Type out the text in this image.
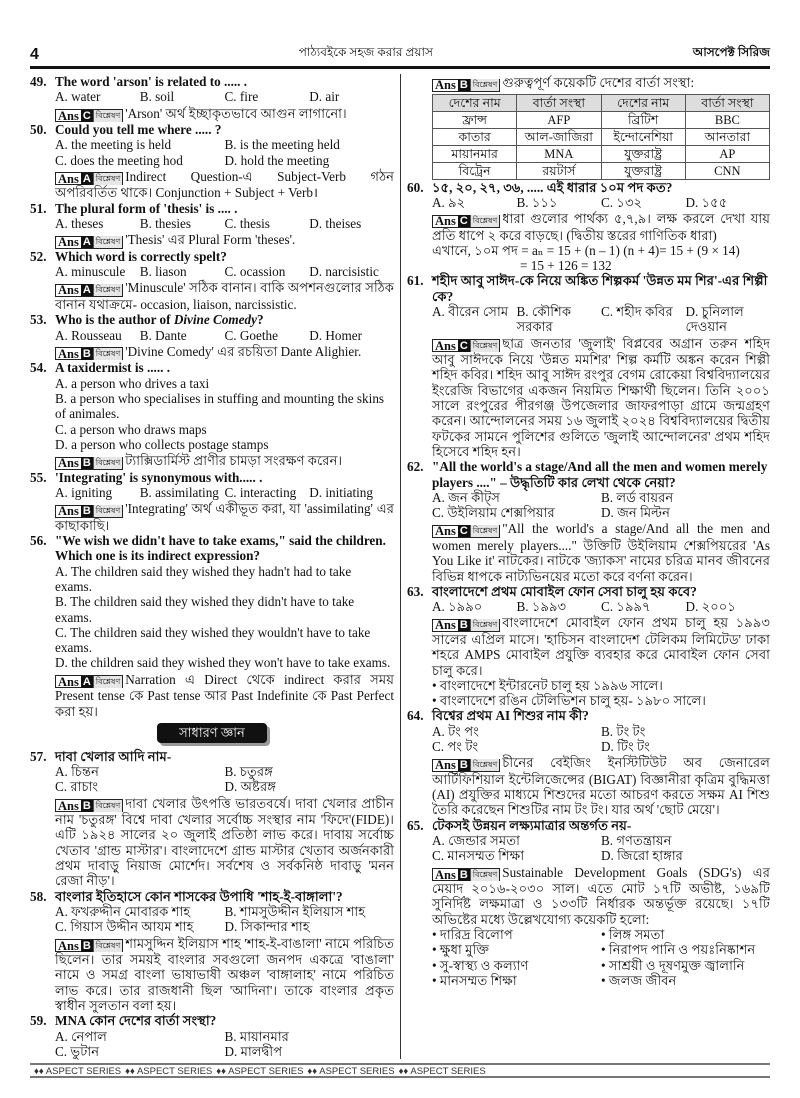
4	পাঠ্যবইকে সহজ করার প্রয়াস	আসপেক্ট সিরিজ
49. The word 'arson' is related to ..... .
A. water	B. soil	C. fire	D. air
Ans C বিশ্লেষণ 'Arson' অর্থ ইচ্ছাকৃতভাবে আগুন লাগানো।
50. Could you tell me where ..... ?
A. the meeting is held	B. is the meeting held
C. does the meeting hod	D. hold the meeting
Ans A বিশ্লেষণ Indirect Question-এ Subject-Verb গঠন অপরিবর্তিত থাকে। Conjunction + Subject + Verb।
51. The plural form of 'thesis' is .... .
A. theses	B. thesies	C. thesis	D. theises
Ans A বিশ্লেষণ 'Thesis' এর Plural Form 'theses'.
52. Which word is correctly spelt?
A. minuscule	B. liason	C. ocassion	D. narcisistic
Ans A বিশ্লেষণ 'Minuscule' সঠিক বানান। বাকি অপশনগুলোর সঠিক বানান যথাক্রমে- occasion, liaison, narcissistic.
53. Who is the author of Divine Comedy?
A. Rousseau	B. Dante	C. Goethe	D. Homer
Ans B বিশ্লেষণ 'Divine Comedy' এর রচয়িতা Dante Alighier.
54. A taxidermist is ..... .
A. a person who drives a taxi
B. a person who specialises in stuffing and mounting the skins of animales.
C. a person who draws maps
D. a person who collects postage stamps
Ans B বিশ্লেষণ ট্যাক্সিডার্মিস্ট প্রাণীর চামড়া সংরক্ষণ করেন।
55. 'Integrating' is synonymous with..... .
A. igniting	B. assimilating C. interacting D. initiating
Ans B বিশ্লেষণ 'Integrating' অর্থ একীভূত করা, যা 'assimilating' এর কাছাকাছি।
56. "We wish we didn't have to take exams," said the children. Which one is its indirect expression?
A. The children said they wished they hadn't had to take exams.
B. The children said they wished they didn't have to take exams.
C. The children said they wished they wouldn't have to take exams.
D. the children said they wished they won't have to take exams.
Ans A বিশ্লেষণ Narration এ Direct থেকে indirect করার সময় Present tense কে Past tense আর Past Indefinite কে Past Perfect করা হয়।
সাধারণ জ্ঞান
57. দাবা খেলার আদি নাম-
A. চিন্তন	B. চতুরঙ্গ
C. রাচাং	D. অষ্টরঙ্গ
Ans B বিশ্লেষণ দাবা খেলার উৎপত্তি ভারতবর্ষে। দাবা খেলার প্রাচীন নাম 'চতুরঙ্গ' বিশ্বে দাবা খেলার সর্বোচ্চ সংস্থার নাম 'ফিদে'(FIDE)। এটি ১৯২৪ সালের ২০ জুলাই প্রতিষ্ঠা লাভ করে। দাবায় সর্বোচ্চ খেতাব 'গ্রান্ড মাস্টার'। বাংলাদেশে গ্রান্ড মাস্টার খেতাব অর্জনকারী প্রথম দাবাড়ু নিয়াজ মোর্শেদ। সর্বশেষ ও সর্বকনিষ্ঠ দাবাড়ু 'মনন রেজা নীড়'।
58. বাংলার ইতিহাসে কোন শাসকের উপাধি 'শাহ-ই-বাঙ্গালা'?
A. ফখরুদ্দীন মোবারক শাহ	B. শামসুউদ্দীন ইলিয়াস শাহ
C. গিয়াস উদ্দীন আযম শাহ	D. সিকান্দার শাহ
Ans B বিশ্লেষণ শামসুদ্দিন ইলিয়াস শাহ 'শাহ-ই-বাঙালা' নামে পরিচিত ছিলেন। তার সময়ই বাংলার সবগুলো জনপদ একত্রে 'বাঙালা' নামে ও সমগ্র বাংলা ভাষাভাষী অঞ্চল 'বাঙ্গালাহ' নামে পরিচিত লাভ করে। তার রাজধানী ছিল 'আদিনা'। তাকে বাংলার প্রকৃত স্বাধীন সুলতান বলা হয়।
59. MNA কোন দেশের বার্তা সংস্থা?
A. নেপাল	B. মায়ানমার
C. ভুটান	D. মালদ্বীপ
Ans B বিশ্লেষণ গুরুত্বপূর্ণ কয়েকটি দেশের বার্তা সংস্থা:
দেশের নাম	বার্তা সংস্থা	দেশের নাম	বার্তা সংস্থা
ফ্রান্স	AFP	ব্রিটিশ	BBC
কাতার	আল-জাজিরা	ইন্দোনেশিয়া	আনতারা
মায়ানমার	MNA	যুক্তরাষ্ট্র	AP
বিট্রেন	রয়টার্স	যুক্তরাষ্ট্র	CNN
60. ১৫, ২০, ২৭, ৩৬, ..... এই ধারার ১০ম পদ কত?
A. ৯২	B. ১১১	C. ১৩২	D. ১৫৫
Ans C বিশ্লেষণ ধারা গুলোর পার্থক্য ৫,৭,৯। লক্ষ করলে দেখা যায় প্রতি ধাপে ২ করে বাড়ছে। (দ্বিতীয় স্তরের গাণিতিক ধারা)
এখানে, ১০ম পদ = aₙ = 15 + (n – 1) (n + 4)= 15 + (9 × 14)
= 15 + 126 = 132
61. শহীদ আবু সাঈদ-কে নিয়ে অঙ্কিত শিল্পকর্ম 'উন্নত মম শির'-এর শিল্পী কে?
A. বীরেন সোম B. কৌশিক সরকার
C. শহীদ কবির D. চুনিলাল দেওয়ান
Ans C বিশ্লেষণ ছাত্র জনতার 'জুলাই' বিপ্লবের অগ্রান তরুন শহিদ আবু সাঈদকে নিয়ে 'উন্নত মমশির' শিল্প কর্মটি অঙ্কন করেন শিল্পী শহিদ কবির। শহিদ আবু সাঈদ রংপুর বেগম রোকেয়া বিশ্ববিদ্যালয়ের ইংরেজি বিভাগের একজন নিয়মিত শিক্ষার্থী ছিলেন। তিনি ২০০১ সালে রংপুরের পীরগঞ্জ উপজেলার জাফরপাড়া গ্রামে জন্মগ্রহণ করেন। আন্দোলনের সময় ১৬ জুলাই ২০২৪ বিশ্ববিদ্যালয়ের দ্বিতীয় ফটকের সামনে পুলিশের গুলিতে 'জুলাই আন্দোলনের' প্রথম শহিদ হিসেবে শহিদ হন।
62. "All the world's a stage/And all the men and women merely players ...." – উদ্ধৃতিটি কার লেখা থেকে নেয়া?
A. জন কীট্স	B. লর্ড বায়রন
C. উইলিয়াম শেক্সপিয়ার	D. জন মিল্টন
Ans C বিশ্লেষণ "All the world's a stage/And all the men and women merely players...." উক্তিটি উইলিয়াম শেক্সপিয়রের 'As You Like it' নাটকের। নাটকে 'জ্যাকস' নামের চরিত্র মানব জীবনের বিভিন্ন ধাপকে নাট্যভিনয়ের মতো করে বর্ণনা করেন।
63. বাংলাদেশে প্রথম মোবাইল ফোন সেবা চালু হয় কবে?
A. ১৯৯০	B. ১৯৯৩	C. ১৯৯৭	D. ২০০১
Ans B বিশ্লেষণ বাংলাদেশে মোবাইল ফোন প্রথম চালু হয় ১৯৯৩ সালের এপ্রিল মাসে। 'হাচিসন বাংলাদেশ টেলিকম লিমিটেড' ঢাকা শহরে AMPS মোবাইল প্রযুক্তি ব্যবহার করে মোবাইল ফোন সেবা চালু করে।
• বাংলাদেশে ইন্টারনেট চালু হয় ১৯৯৬ সালে।
• বাংলাদেশে রঙিন টেলিভিশন চালু হয়- ১৯৮০ সালে।
64. বিশ্বের প্রথম AI শিশুর নাম কী?
A. টং পং	B. টং টং
C. পং টং	D. টিং টং
Ans B বিশ্লেষণ চীনের বেইজিং ইনস্টিটিউট অব জেনারেল আর্টিফিশিয়াল ইন্টেলিজেন্সের (BIGAT) বিজ্ঞানীরা কৃত্রিম বুদ্ধিমত্তা (AI) প্রযুক্তির মাধ্যমে শিশুদের মতো আচরণ করতে সক্ষম AI শিশু তৈরি করেছেন শিশুটির নাম টং টং। যার অর্থ 'ছোট মেয়ে'।
65. টেকসই উন্নয়ন লক্ষ্যমাত্রার অন্তর্গত নয়-
A. জেন্ডার সমতা	B. গণতন্ত্রায়ন
C. মানসম্মত শিক্ষা	D. জিরো হাঙ্গার
Ans B বিশ্লেষণ Sustainable Development Goals (SDG's) এর মেয়াদ ২০১৬-২০৩০ সাল। এতে মোট ১৭টি অভীষ্ট, ১৬৯টি সুনির্দিষ্ট লক্ষমাত্রা ও ১৩৩টি নির্ধারক অন্তর্ভূক্ত রয়েছে। ১৭টি অভিষ্টের মধ্যে উল্লেখযোগ্য কয়েকটি হলো:
• দারিদ্র বিলোপ	• লিঙ্গ সমতা
• ক্ষুধা মুক্তি	• নিরাপদ পানি ও পয়ঃনিষ্কাশন
• সু-স্বাস্থ্য ও কল্যাণ	• সাশ্রয়ী ও দূষণমুক্ত জ্বালানি
• মানসম্মত শিক্ষা	• জলজ জীবন
♦♦ ASPECT SERIES ♦♦ ASPECT SERIES ♦♦ ASPECT SERIES ♦♦ ASPECT SERIES ♦♦ ASPECT SERIES
